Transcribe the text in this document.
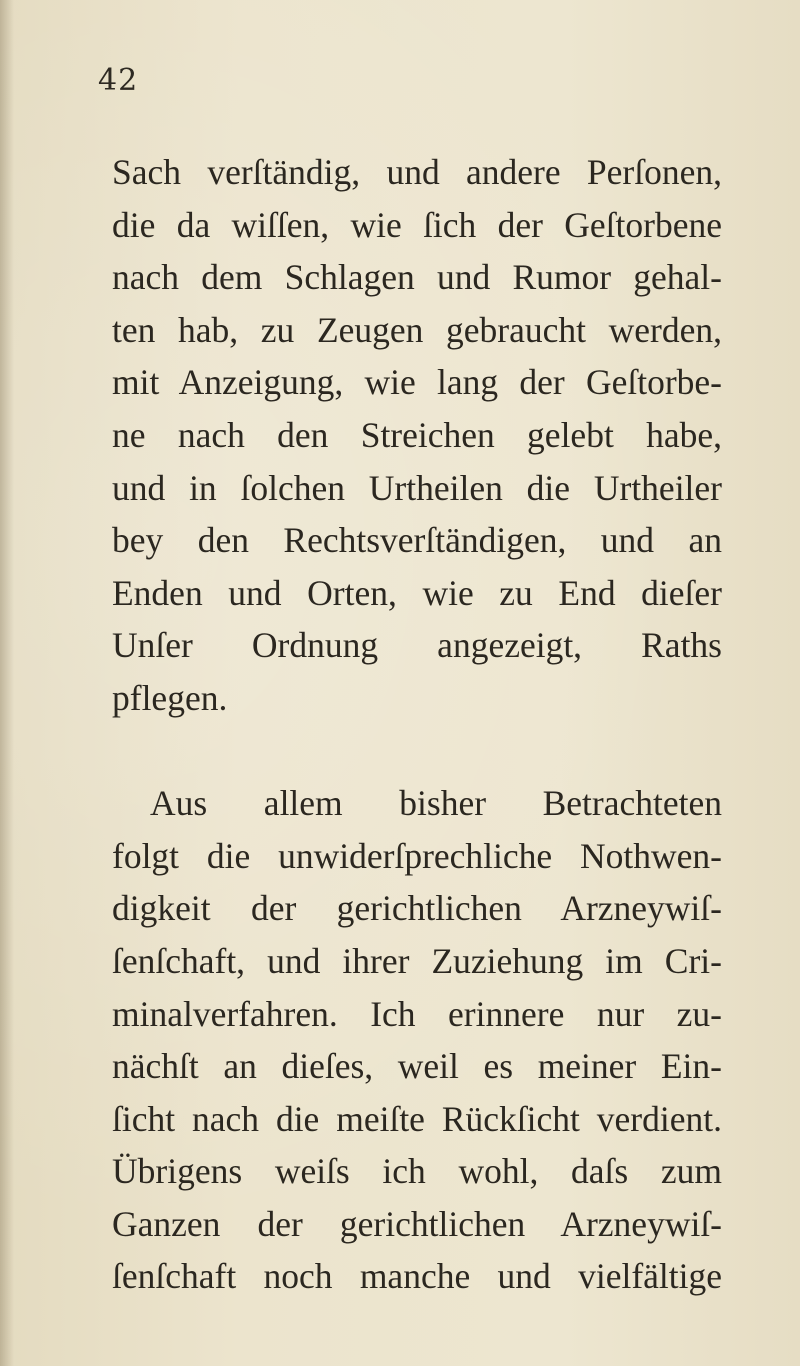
42
Sach verſtändig, und andere Perſonen,
die da wiſſen, wie ſich der Geſtorbene
nach dem Schlagen und Rumor gehal-
ten hab, zu Zeugen gebraucht werden,
mit Anzeigung, wie lang der Geſtorbe-
ne nach den Streichen gelebt habe,
und in ſolchen Urtheilen die Urtheiler
bey den Rechtsverſtändigen, und an
Enden und Orten, wie zu End dieſer
Unſer Ordnung angezeigt, Raths
pflegen.
Aus allem bisher Betrachteten
folgt die unwiderſprechliche Nothwen-
digkeit der gerichtlichen Arzneywiſ-
ſenſchaft, und ihrer Zuziehung im Cri-
minalverfahren. Ich erinnere nur zu-
nächſt an dieſes, weil es meiner Ein-
ſicht nach die meiſte Rückſicht verdient.
Übrigens weiſs ich wohl, daſs zum
Ganzen der gerichtlichen Arzneywiſ-
ſenſchaft noch manche und vielfältige
